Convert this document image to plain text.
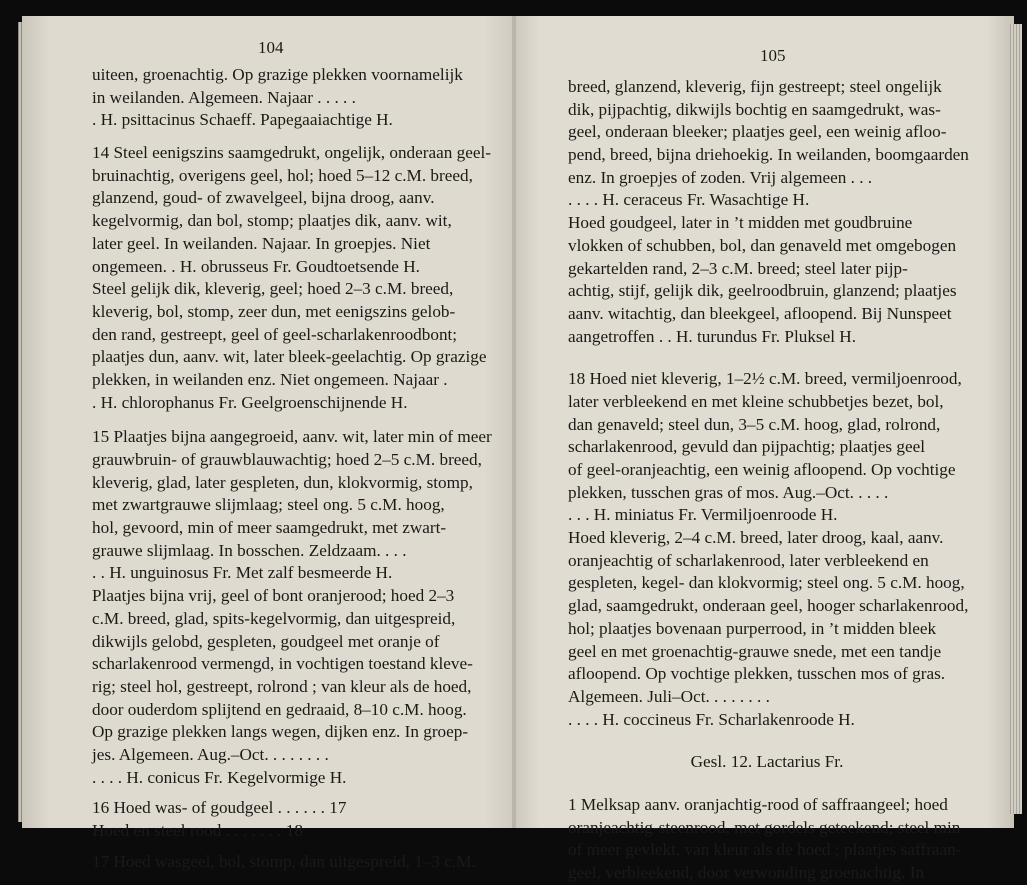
104
uiteen, groenachtig. Op grazige plekken voornamelijk
in weilanden. Algemeen. Najaar . . . . .
. H. psittacinus Schaeff. Papegaaiachtige H.
14 Steel eenigszins saamgedrukt, ongelijk, onderaan geel-
bruinachtig, overigens geel, hol; hoed 5–12 c.M. breed,
glanzend, goud- of zwavelgeel, bijna droog, aanv.
kegelvormig, dan bol, stomp; plaatjes dik, aanv. wit,
later geel. In weilanden. Najaar. In groepjes. Niet
ongemeen. . H. obrusseus Fr. Goudtoetsende H.
Steel gelijk dik, kleverig, geel; hoed 2–3 c.M. breed,
kleverig, bol, stomp, zeer dun, met eenigszins gelob-
den rand, gestreept, geel of geel-scharlakenroodbont;
plaatjes dun, aanv. wit, later bleek-geelachtig. Op grazige
plekken, in weilanden enz. Niet ongemeen. Najaar .
. H. chlorophanus Fr. Geelgroenschijnende H.
15 Plaatjes bijna aangegroeid, aanv. wit, later min of meer
grauwbruin- of grauwblauwachtig; hoed 2–5 c.M. breed,
kleverig, glad, later gespleten, dun, klokvormig, stomp,
met zwartgrauwe slijmlaag; steel ong. 5 c.M. hoog,
hol, gevoord, min of meer saamgedrukt, met zwart-
grauwe slijmlaag. In bosschen. Zeldzaam. . . .
. . H. unguinosus Fr. Met zalf besmeerde H.
Plaatjes bijna vrij, geel of bont oranjerood; hoed 2–3
c.M. breed, glad, spits-kegelvormig, dan uitgespreid,
dikwijls gelobd, gespleten, goudgeel met oranje of
scharlakenrood vermengd, in vochtigen toestand kleve-
rig; steel hol, gestreept, rolrond ; van kleur als de hoed,
door ouderdom splijtend en gedraaid, 8–10 c.M. hoog.
Op grazige plekken langs wegen, dijken enz. In groep-
jes. Algemeen. Aug.–Oct. . . . . . . .
. . . . H. conicus Fr. Kegelvormige H.
16 Hoed was- of goudgeel . . . . . . 17
Hoed en steel rood . . . . . . . 18
17 Hoed wasgeel, bol, stomp, dan uitgespreid, 1–3 c.M.
105
breed, glanzend, kleverig, fijn gestreept; steel ongelijk
dik, pijpachtig, dikwijls bochtig en saamgedrukt, was-
geel, onderaan bleeker; plaatjes geel, een weinig afloo-
pend, breed, bijna driehoekig. In weilanden, boomgaarden
enz. In groepjes of zoden. Vrij algemeen . . .
. . . . H. ceraceus Fr. Wasachtige H.
Hoed goudgeel, later in ’t midden met goudbruine
vlokken of schubben, bol, dan genaveld met omgebogen
gekartelden rand, 2–3 c.M. breed; steel later pijp-
achtig, stijf, gelijk dik, geelroodbruin, glanzend; plaatjes
aanv. witachtig, dan bleekgeel, afloopend. Bij Nunspeet
aangetroffen . . H. turundus Fr. Pluksel H.
18 Hoed niet kleverig, 1–2½ c.M. breed, vermiljoenrood,
later verbleekend en met kleine schubbetjes bezet, bol,
dan genaveld; steel dun, 3–5 c.M. hoog, glad, rolrond,
scharlakenrood, gevuld dan pijpachtig; plaatjes geel
of geel-oranjeachtig, een weinig afloopend. Op vochtige
plekken, tusschen gras of mos. Aug.–Oct. . . . .
. . . H. miniatus Fr. Vermiljoenroode H.
Hoed kleverig, 2–4 c.M. breed, later droog, kaal, aanv.
oranjeachtig of scharlakenrood, later verbleekend en
gespleten, kegel- dan klokvormig; steel ong. 5 c.M. hoog,
glad, saamgedrukt, onderaan geel, hooger scharlakenrood,
hol; plaatjes bovenaan purperrood, in ’t midden bleek
geel en met groenachtig-grauwe snede, met een tandje
afloopend. Op vochtige plekken, tusschen mos of gras.
Algemeen. Juli–Oct. . . . . . . .
. . . . H. coccineus Fr. Scharlakenroode H.
Gesl. 12. Lactarius Fr.
1 Melksap aanv. oranjachtig-rood of saffraangeel; hoed
oranjeachtig-steenrood, met gordels geteekend; steel min
of meer gevlekt, van kleur als de hoed ; plaatjes saffraan-
geel, verbleekend, door verwonding groenachtig. In
